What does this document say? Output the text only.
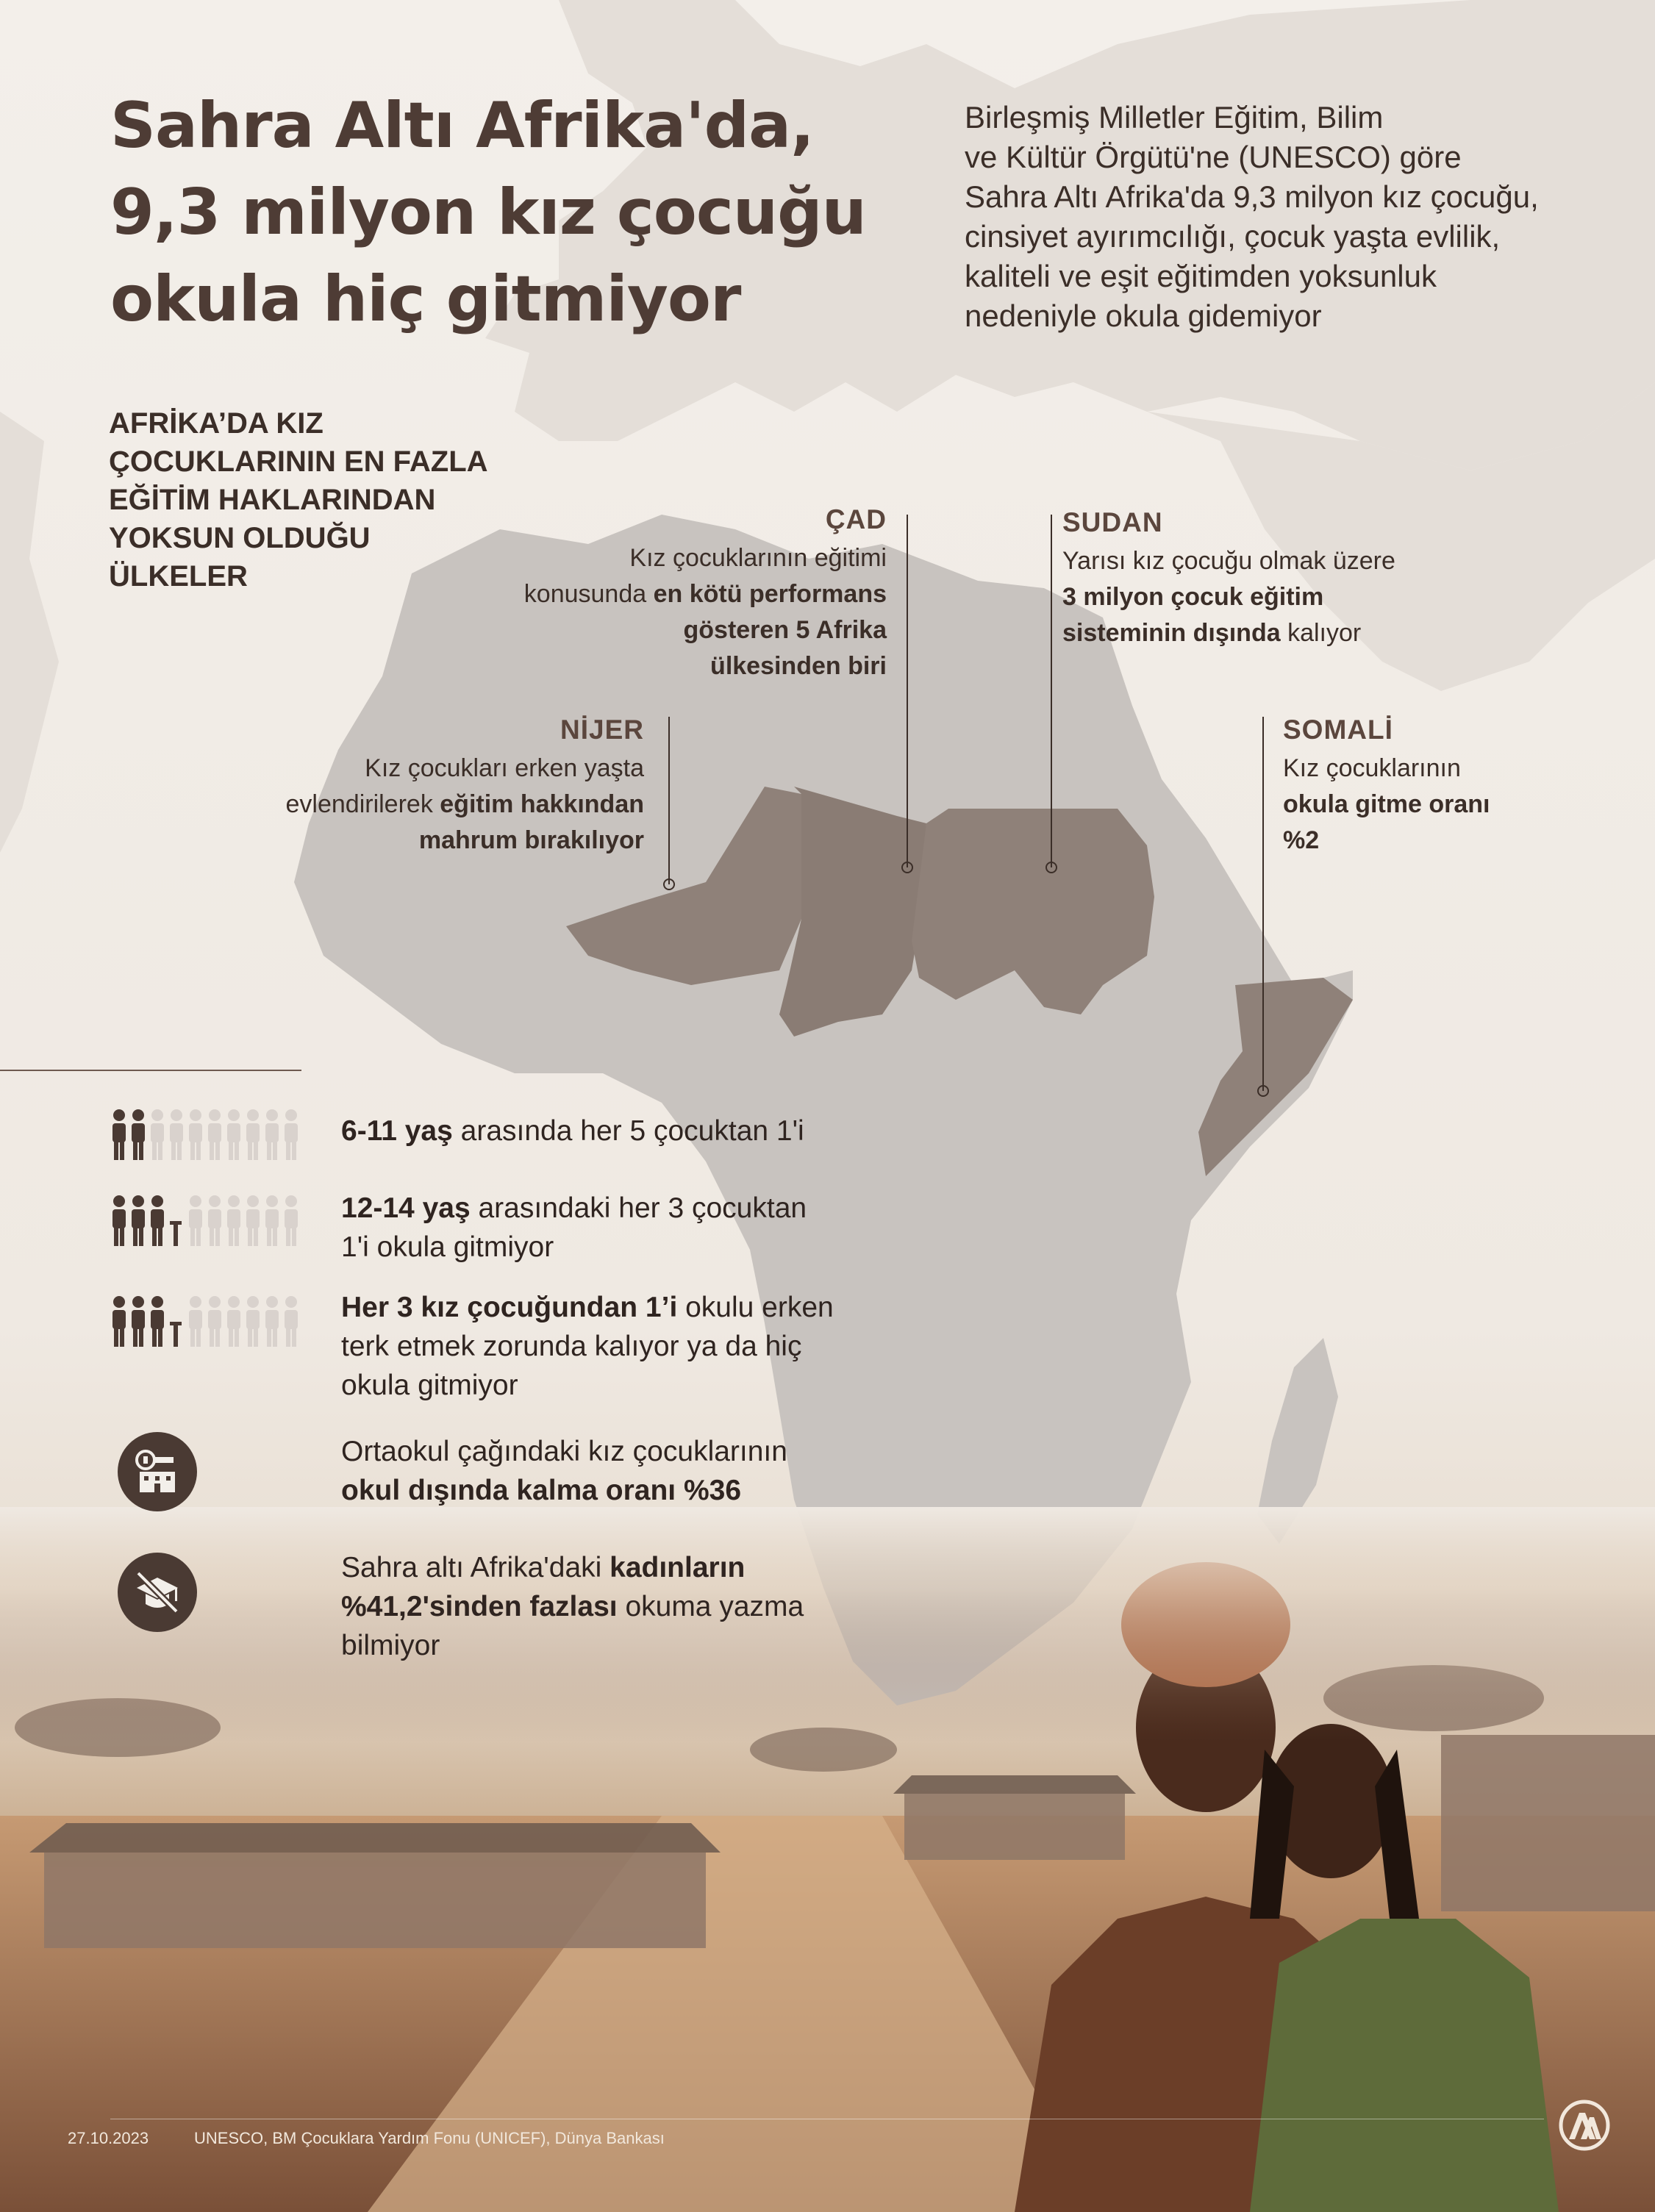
Sahra Altı Afrika'da,
9,3 milyon kız çocuğu
okula hiç gitmiyor

Birleşmiş Milletler Eğitim, Bilim
ve Kültür Örgütü'ne (UNESCO) göre
Sahra Altı Afrika'da 9,3 milyon kız çocuğu,
cinsiyet ayırımcılığı, çocuk yaşta evlilik,
kaliteli ve eşit eğitimden yoksunluk
nedeniyle okula gidemiyor

AFRİKA’DA KIZ
ÇOCUKLARININ EN FAZLA
EĞİTİM HAKLARINDAN
YOKSUN OLDUĞU
ÜLKELER

ÇAD
Kız çocuklarının eğitimi
konusunda en kötü performans
gösteren 5 Afrika
ülkesinden biri
SUDAN
Yarısı kız çocuğu olmak üzere
3 milyon çocuk eğitim
sisteminin dışında kalıyor
NİJER
Kız çocukları erken yaşta
evlendirilerek eğitim hakkından
mahrum bırakılıyor
SOMALİ
Kız çocuklarının
okula gitme oranı
%2
6-11 yaş arasında her 5 çocuktan 1'i
12-14 yaş arasındaki her 3 çocuktan
1'i okula gitmiyor
Her 3 kız çocuğundan 1’i okulu erken
terk etmek zorunda kalıyor ya da hiç
okula gitmiyor
Ortaokul çağındaki kız çocuklarının
okul dışında kalma oranı %36
Sahra altı Afrika'daki kadınların
%41,2'sinden fazlası okuma yazma
bilmiyor
27.10.2023	UNESCO, BM Çocuklara Yardım Fonu (UNICEF), Dünya Bankası
